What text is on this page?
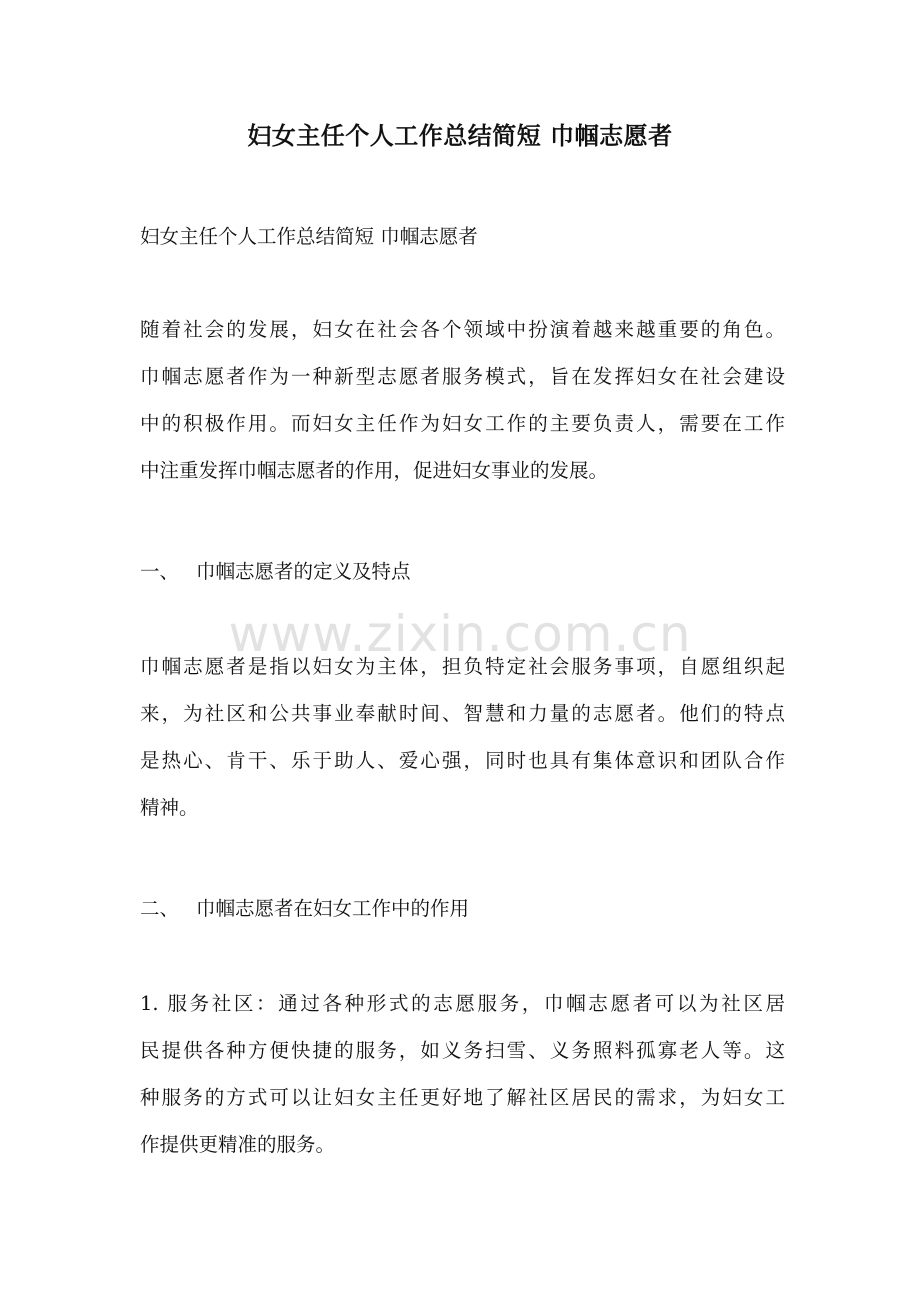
www.zixin.com.cn
妇女主任个人工作总结简短 巾帼志愿者
妇女主任个人工作总结简短 巾帼志愿者
随着社会的发展，妇女在社会各个领域中扮演着越来越重要的角色。
巾帼志愿者作为一种新型志愿者服务模式，旨在发挥妇女在社会建设
中的积极作用。而妇女主任作为妇女工作的主要负责人，需要在工作
中注重发挥巾帼志愿者的作用，促进妇女事业的发展。
一、 巾帼志愿者的定义及特点
巾帼志愿者是指以妇女为主体，担负特定社会服务事项，自愿组织起
来，为社区和公共事业奉献时间、智慧和力量的志愿者。他们的特点
是热心、肯干、乐于助人、爱心强，同时也具有集体意识和团队合作
精神。
二、 巾帼志愿者在妇女工作中的作用
1. 服务社区：通过各种形式的志愿服务，巾帼志愿者可以为社区居
民提供各种方便快捷的服务，如义务扫雪、义务照料孤寡老人等。这
种服务的方式可以让妇女主任更好地了解社区居民的需求，为妇女工
作提供更精准的服务。
